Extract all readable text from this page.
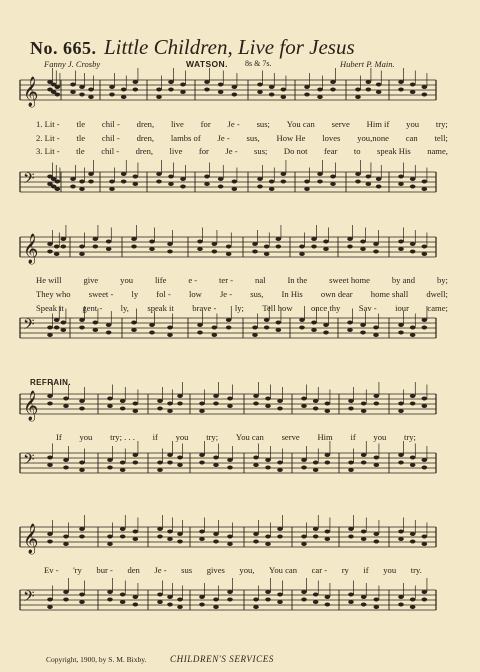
No. 665. Little Children, Live for Jesus
Fanny J. Crosby	WATSON. 8s & 7s.	Hubert P. Main.
𝄞
𝄢
𝄞
𝄢
𝄞
𝄢
𝄞
𝄢
1. Lit - tle chil - dren, live for Je - sus; You can serve Him if you try;
2. Lit - tle chil - dren, lambs of Je - sus, How He loves you,none can tell;
3. Lit - tle chil - dren, live for Je - sus; Do not fear to speak His name,
He will	give	you	life	e -	ter -	nal	In the	sweet home	by and	by;
They who sweet - ly fol - low Je - sus, In His own dear home shall dwell;
Speak it gent - ly, speak it brave - ly; Tell how once thy Sav - iour came;
REFRAIN.
If you try; . . . if you try; You can serve Him if you try;
Ev - 'ry bur - den Je - sus gives you, You can car - ry if you try.
Copyright, 1900, by S. M. Bixby.	CHILDREN'S SERVICES
